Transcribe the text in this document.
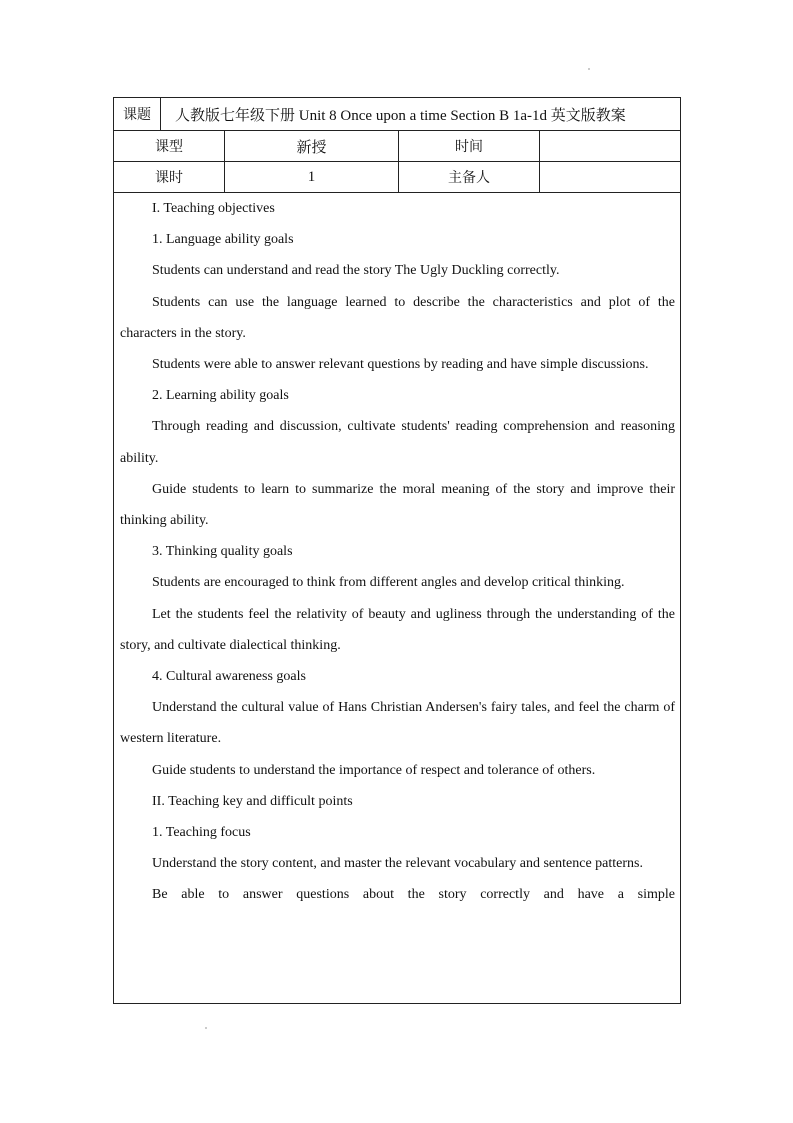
课题	人教版七年级下册 Unit 8 Once upon a time Section B 1a-1d 英文版教案
课型	新授	时间
课时	1	主备人

I. Teaching objectives

1. Language ability goals

Students can understand and read the story The Ugly Duckling correctly.

Students can use the language learned to describe the characteristics and plot of the characters in the story.

Students were able to answer relevant questions by reading and have simple discussions.

2. Learning ability goals

Through reading and discussion, cultivate students' reading comprehension and reasoning ability.

Guide students to learn to summarize the moral meaning of the story and improve their thinking ability.

3. Thinking quality goals

Students are encouraged to think from different angles and develop critical thinking.

Let the students feel the relativity of beauty and ugliness through the understanding of the story, and cultivate dialectical thinking.

4. Cultural awareness goals

Understand the cultural value of Hans Christian Andersen's fairy tales, and feel the charm of western literature.

Guide students to understand the importance of respect and tolerance of others.

II. Teaching key and difficult points

1. Teaching focus

Understand the story content, and master the relevant vocabulary and sentence patterns.

Be able to answer questions about the story correctly and have a simple
